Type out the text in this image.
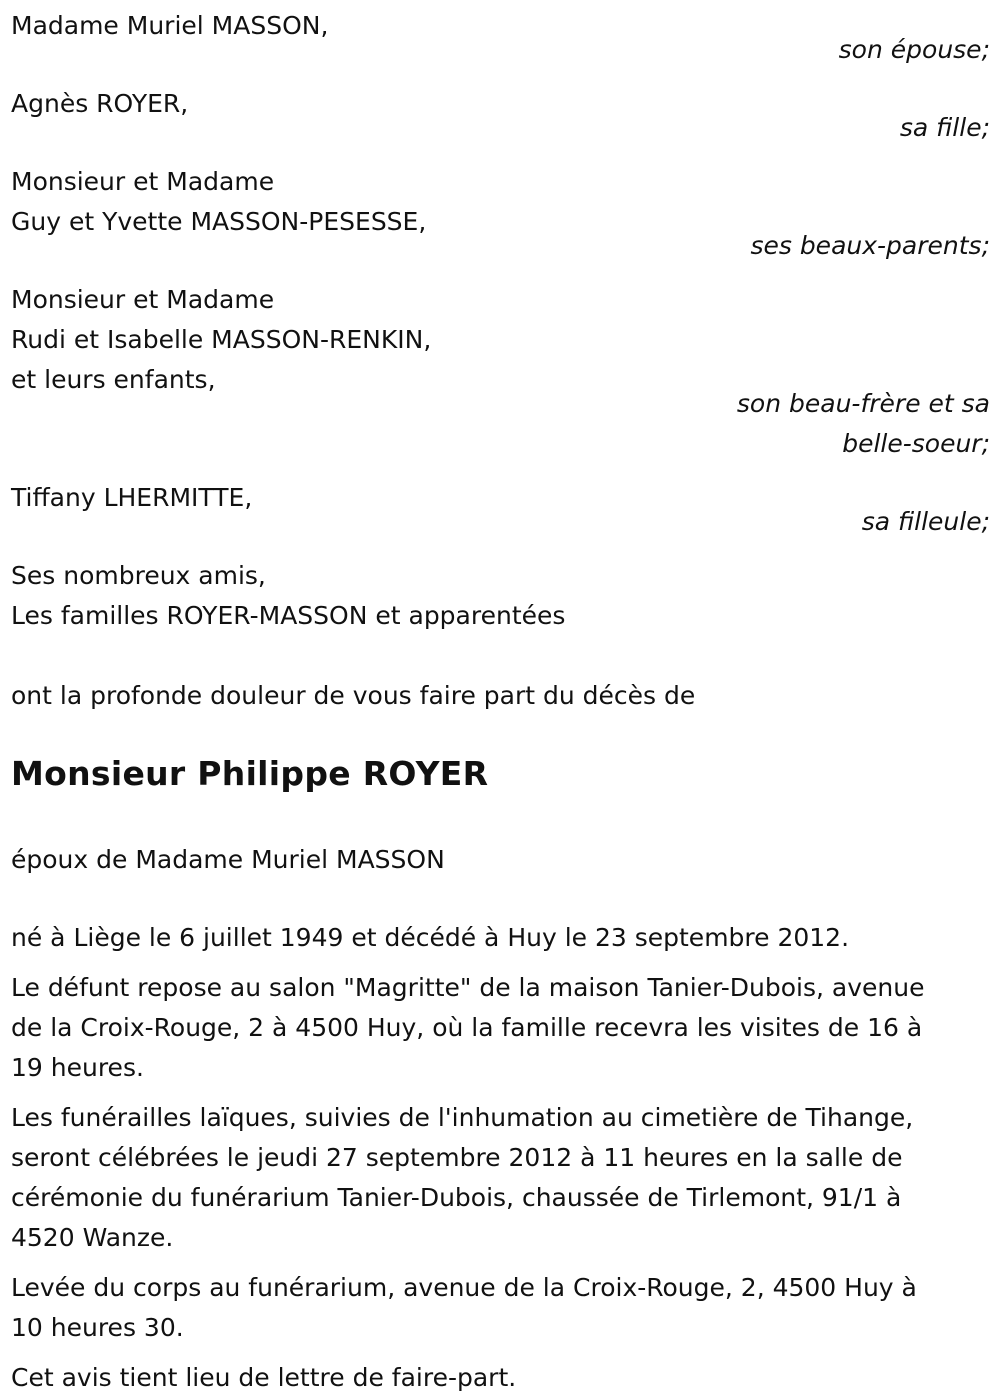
Madame Muriel MASSON,
son épouse;
Agnès ROYER,
sa fille;
Monsieur et Madame
Guy et Yvette MASSON-PESESSE,
ses beaux-parents;
Monsieur et Madame
Rudi et Isabelle MASSON-RENKIN,
et leurs enfants,
son beau-frère et sa
belle-soeur;
Tiffany LHERMITTE,
sa filleule;
Ses nombreux amis,
Les familles ROYER-MASSON et apparentées
ont la profonde douleur de vous faire part du décès de
Monsieur Philippe ROYER
époux de Madame Muriel MASSON
né à Liège le 6 juillet 1949 et décédé à Huy le 23 septembre 2012.
Le défunt repose au salon "Magritte" de la maison Tanier-Dubois, avenue
de la Croix-Rouge, 2 à 4500 Huy, où la famille recevra les visites de 16 à
19 heures.
Les funérailles laïques, suivies de l'inhumation au cimetière de Tihange,
seront célébrées le jeudi 27 septembre 2012 à 11 heures en la salle de
cérémonie du funérarium Tanier-Dubois, chaussée de Tirlemont, 91/1 à
4520 Wanze.
Levée du corps au funérarium, avenue de la Croix-Rouge, 2, 4500 Huy à
10 heures 30.
Cet avis tient lieu de lettre de faire-part.
